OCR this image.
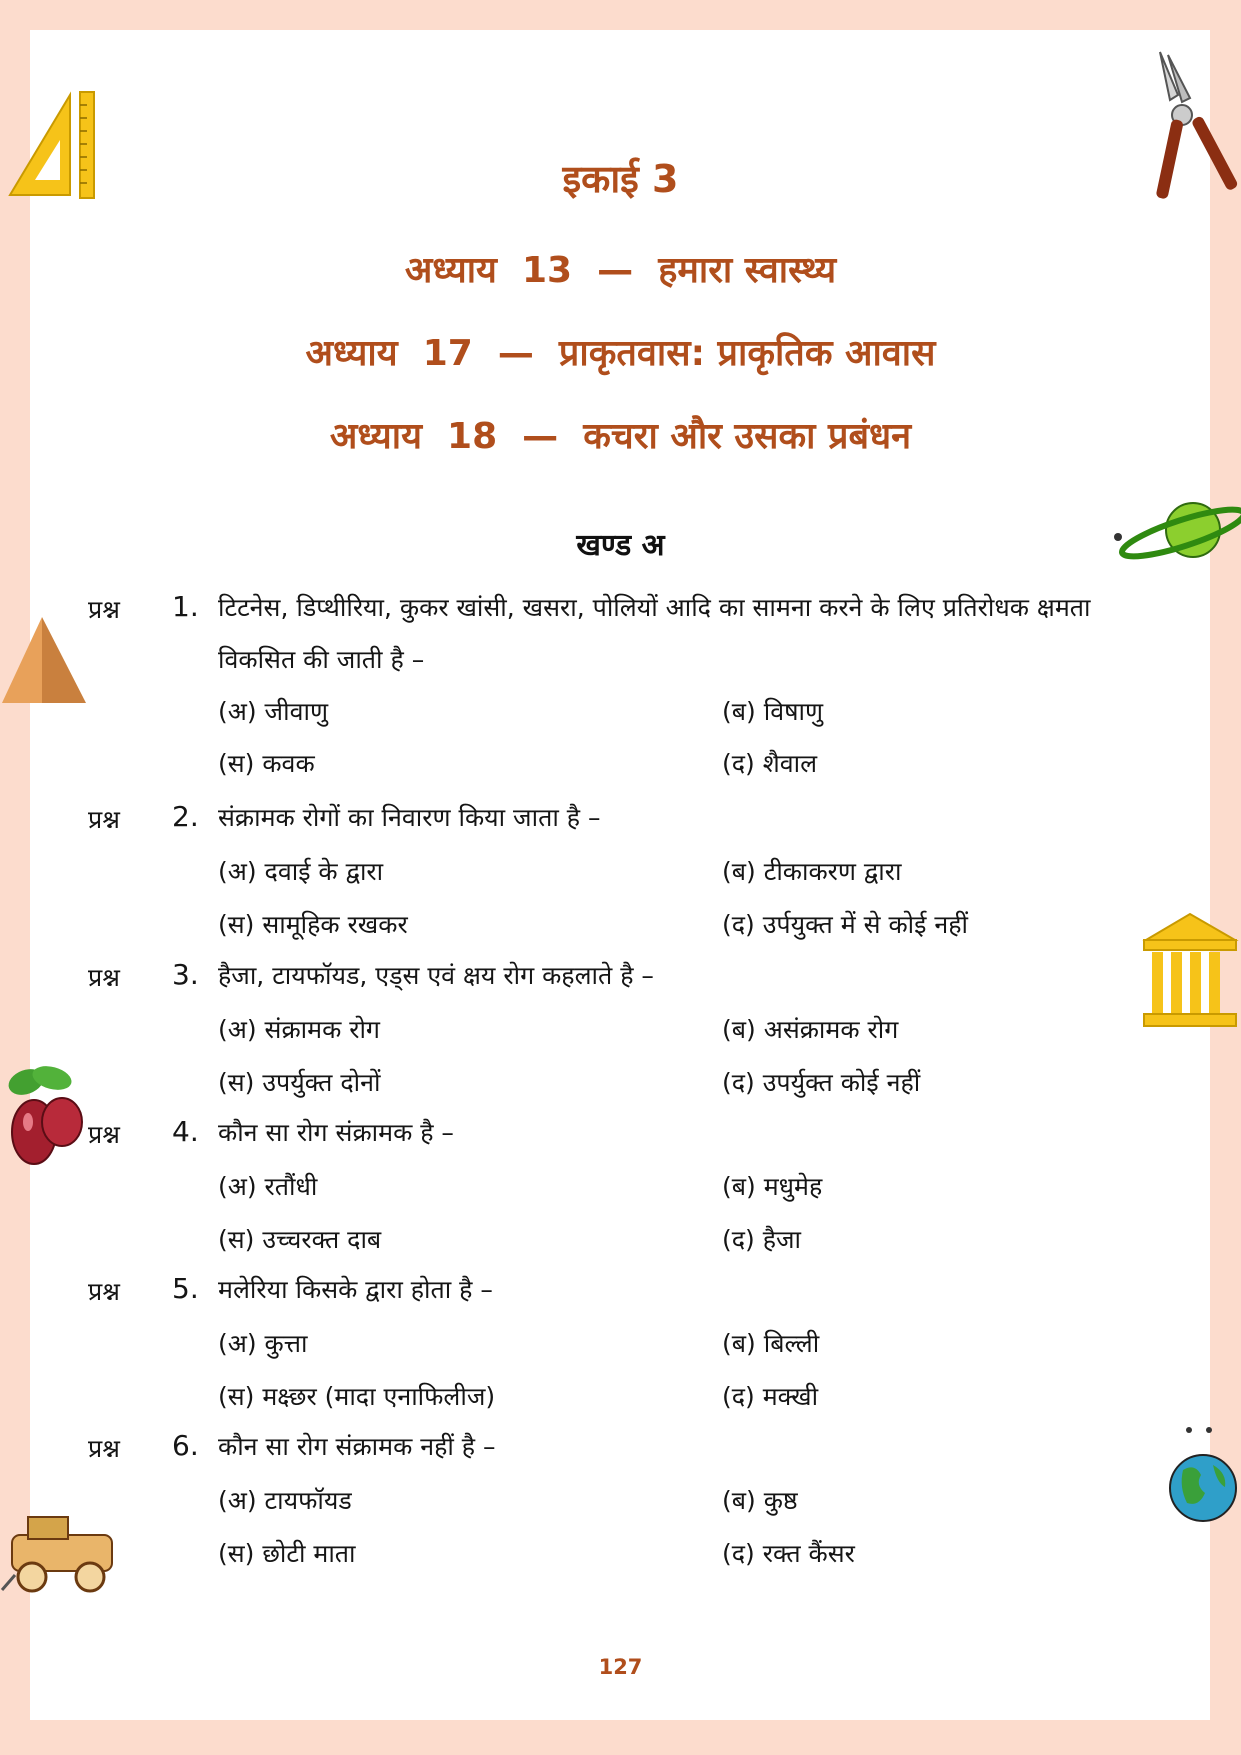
इकाई 3
अध्याय  13  —  हमारा स्वास्थ्य
अध्याय  17  —  प्राकृतवास: प्राकृतिक आवास
अध्याय  18  —  कचरा और उसका प्रबंधन
खण्ड अ
प्रश्न 1. टिटनेस, डिप्थीरिया, कुकर खांसी, खसरा, पोलियों आदि का सामना करने के लिए प्रतिरोधक क्षमता विकसित की जाती है –
(अ) जीवाणु	(ब) विषाणु
(स) कवक	(द) शैवाल
प्रश्न 2. संक्रामक रोगों का निवारण किया जाता है –
(अ) दवाई के द्वारा	(ब) टीकाकरण द्वारा
(स) सामूहिक रखकर	(द) उर्पयुक्त में से कोई नहीं
प्रश्न 3. हैजा, टायफॉयड, एड्स एवं क्षय रोग कहलाते है –
(अ) संक्रामक रोग	(ब) असंक्रामक रोग
(स) उपर्युक्त दोनों	(द) उपर्युक्त कोई नहीं
प्रश्न 4. कौन सा रोग संक्रामक है –
(अ) रतौंधी	(ब) मधुमेह
(स) उच्चरक्त दाब	(द) हैजा
प्रश्न 5. मलेरिया किसके द्वारा होता है –
(अ) कुत्ता	(ब) बिल्ली
(स) मक्ष्छर (मादा एनाफिलीज)	(द) मक्खी
प्रश्न 6. कौन सा रोग संक्रामक नहीं है –
(अ) टायफॉयड	(ब) कुष्ठ
(स) छोटी माता	(द) रक्त कैंसर
127
